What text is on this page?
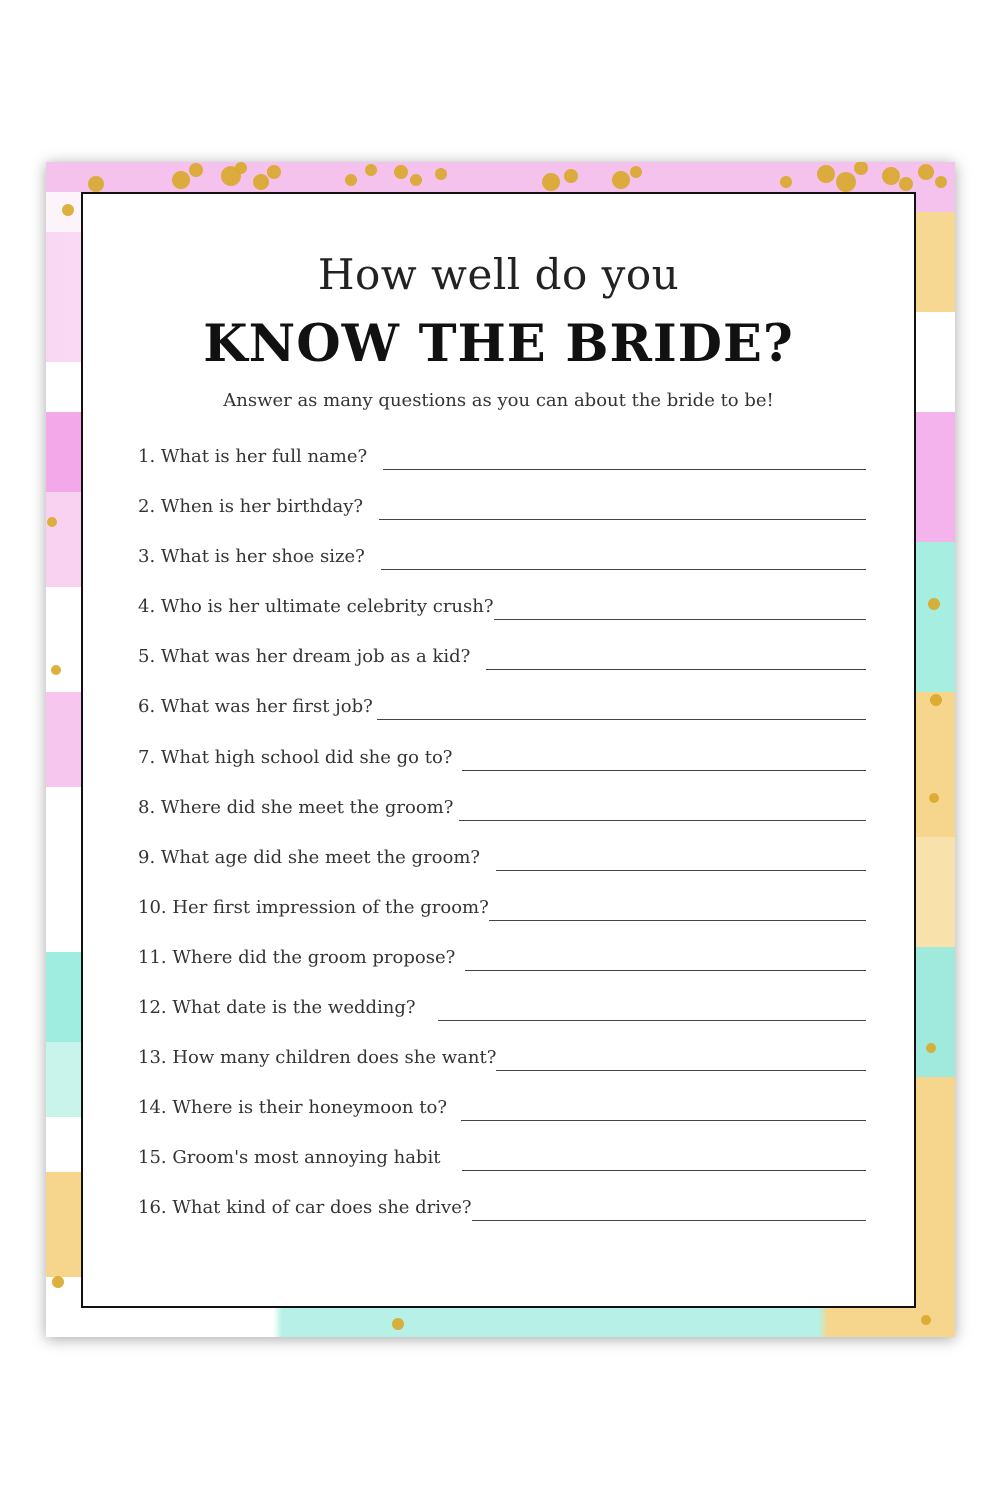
How well do you
KNOW THE BRIDE?
Answer as many questions as you can about the bride to be!
1. What is her full name?
2. When is her birthday?
3. What is her shoe size?
4. Who is her ultimate celebrity crush?
5. What was her dream job as a kid?
6. What was her first job?
7. What high school did she go to?
8. Where did she meet the groom?
9. What age did she meet the groom?
10. Her first impression of the groom?
11. Where did the groom propose?
12. What date is the wedding?
13. How many children does she want?
14. Where is their honeymoon to?
15. Groom's most annoying habit
16. What kind of car does she drive?
